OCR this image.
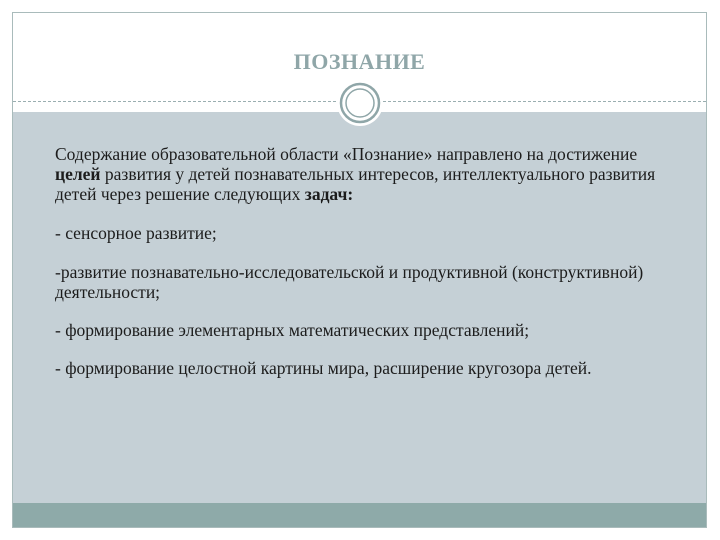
ПОЗНАНИЕ

Содержание образовательной области «Познание» направлено на достижение целей развития у детей познавательных интересов, интеллектуального развития детей через решение следующих задач:

- сенсорное развитие;

-развитие познавательно-исследовательской и продуктивной (конструктивной) деятельности;

- формирование элементарных математических представлений;

- формирование целостной картины мира, расширение кругозора детей.
